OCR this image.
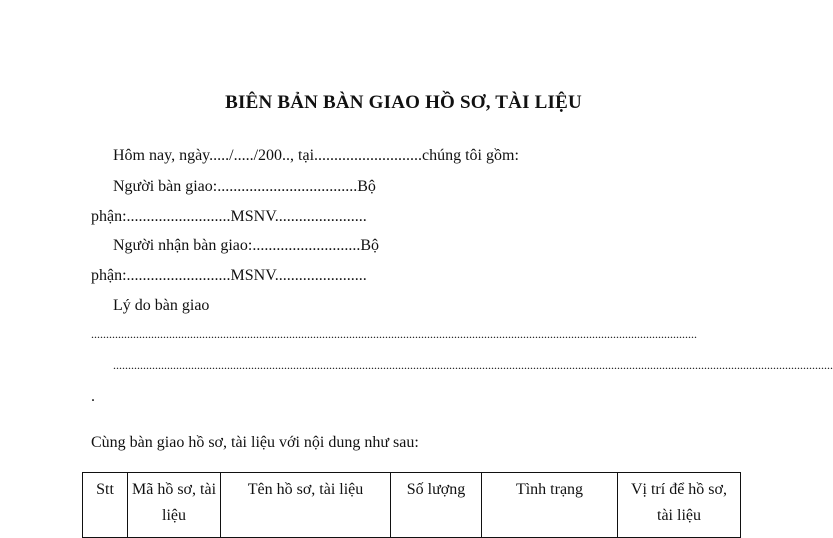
BIÊN BẢN BÀN GIAO HỒ SƠ, TÀI LIỆU
Hôm nay, ngày...../...../200.., tại...........................chúng tôi gồm:
Người bàn giao:...................................Bộ
phận:..........................MSNV.......................
Người nhận bàn giao:...........................Bộ
phận:..........................MSNV.......................
Lý do bàn giao
..........................................................................................................................................................................................................
................................................................................................................................................................................................................................................
.
Cùng bàn giao hồ sơ, tài liệu với nội dung như sau:
Stt	Mã hồ sơ, tài liệu	Tên hồ sơ, tài liệu	Số lượng	Tình trạng	Vị trí để hồ sơ, tài liệu
